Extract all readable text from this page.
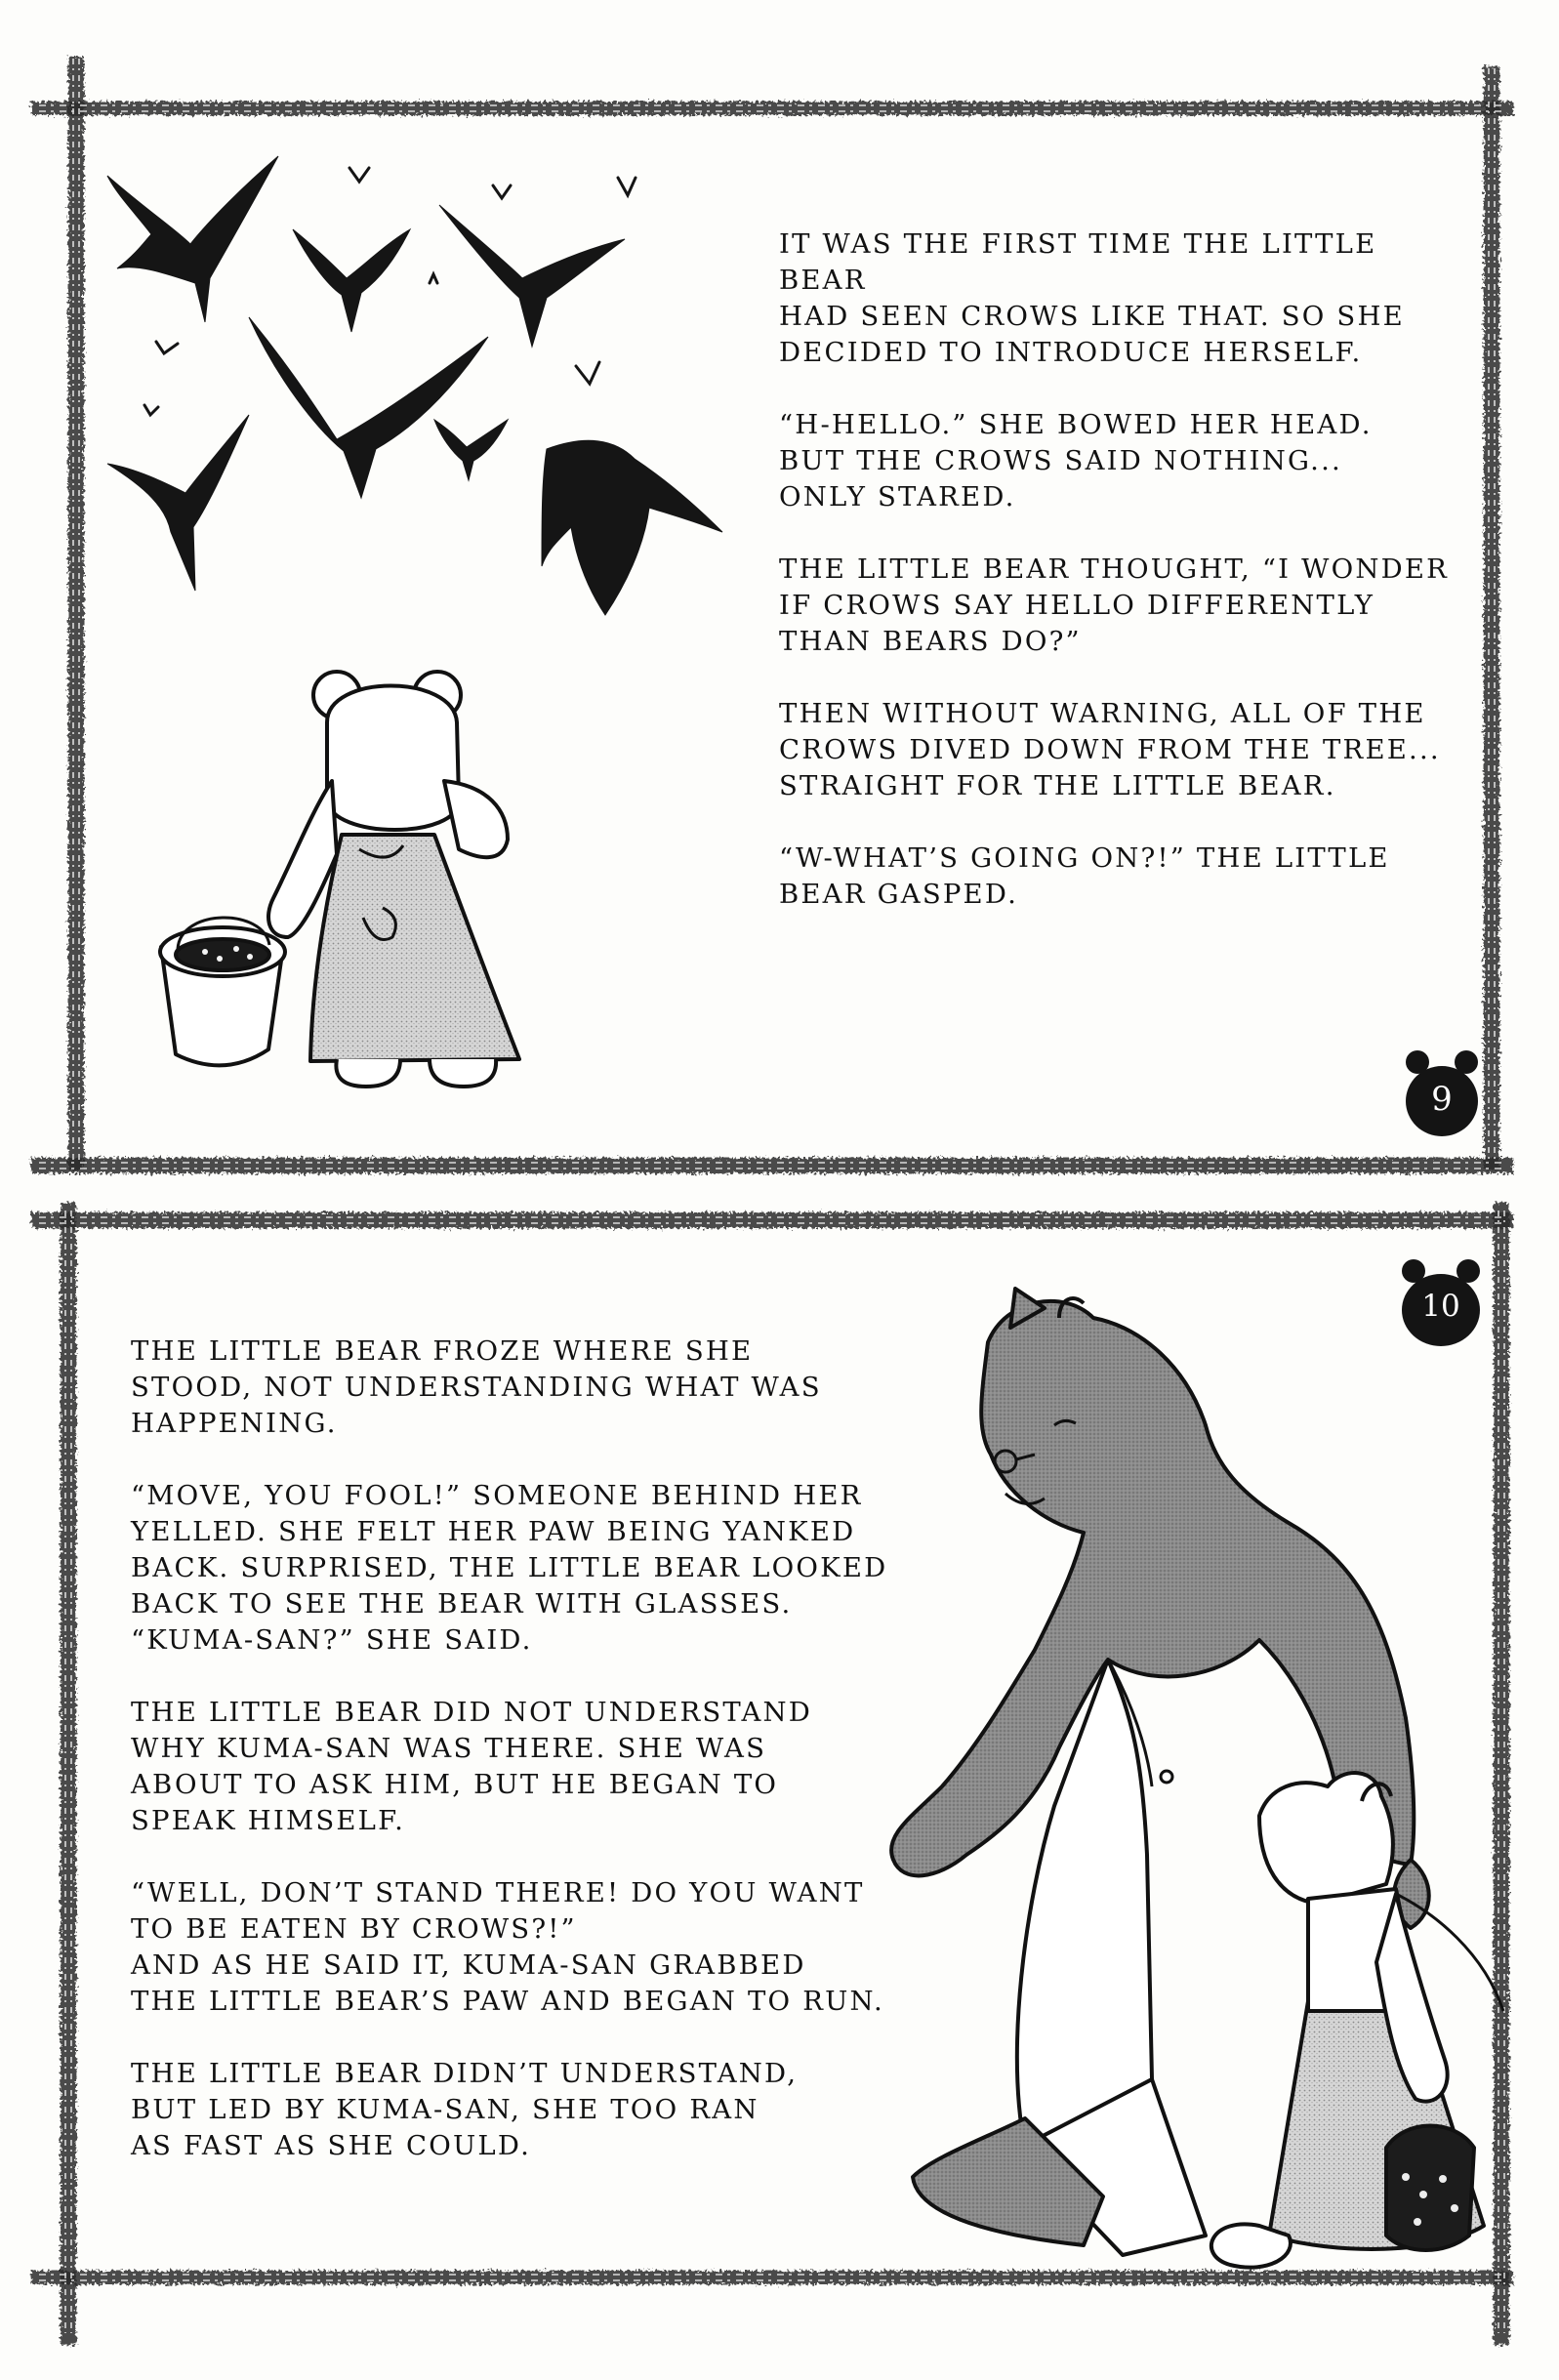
IT WAS THE FIRST TIME THE LITTLE BEAR
HAD SEEN CROWS LIKE THAT. SO SHE
DECIDED TO INTRODUCE HERSELF.

“H-HELLO.” SHE BOWED HER HEAD.
BUT THE CROWS SAID NOTHING...
ONLY STARED.

THE LITTLE BEAR THOUGHT, “I WONDER
IF CROWS SAY HELLO DIFFERENTLY
THAN BEARS DO?”

THEN WITHOUT WARNING, ALL OF THE
CROWS DIVED DOWN FROM THE TREE...
STRAIGHT FOR THE LITTLE BEAR.

“W-WHAT’S GOING ON?!” THE LITTLE
BEAR GASPED.

THE LITTLE BEAR FROZE WHERE SHE
STOOD, NOT UNDERSTANDING WHAT WAS
HAPPENING.

“MOVE, YOU FOOL!” SOMEONE BEHIND HER
YELLED. SHE FELT HER PAW BEING YANKED
BACK. SURPRISED, THE LITTLE BEAR LOOKED
BACK TO SEE THE BEAR WITH GLASSES.
“KUMA-SAN?” SHE SAID.

THE LITTLE BEAR DID NOT UNDERSTAND
WHY KUMA-SAN WAS THERE. SHE WAS
ABOUT TO ASK HIM, BUT HE BEGAN TO
SPEAK HIMSELF.

“WELL, DON’T STAND THERE! DO YOU WANT
TO BE EATEN BY CROWS?!”
AND AS HE SAID IT, KUMA-SAN GRABBED
THE LITTLE BEAR’S PAW AND BEGAN TO RUN.

THE LITTLE BEAR DIDN’T UNDERSTAND,
BUT LED BY KUMA-SAN, SHE TOO RAN
AS FAST AS SHE COULD.

9
10
